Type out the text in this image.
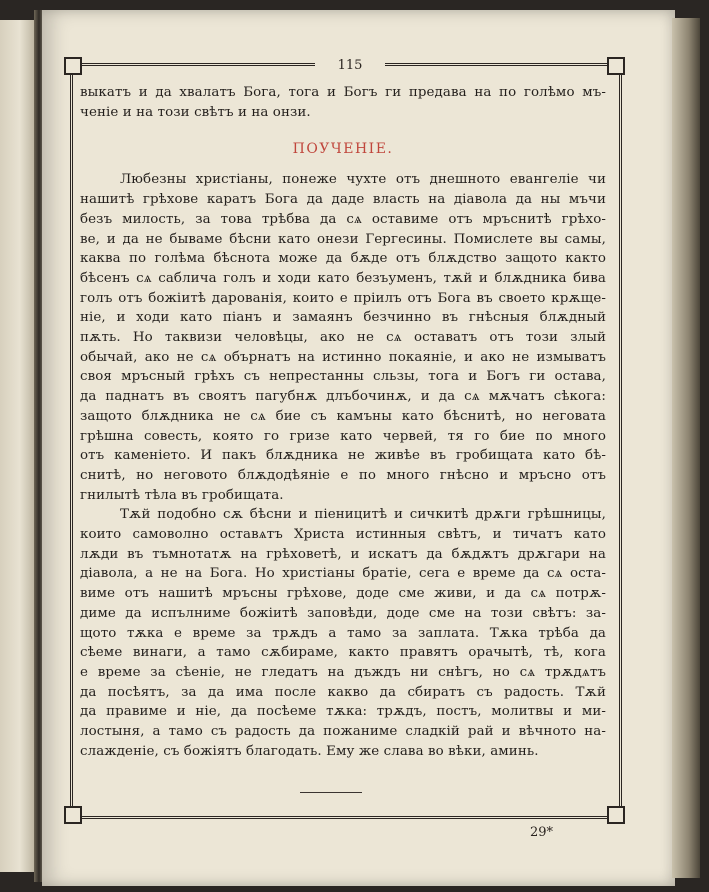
115

выкатъ и да хвалатъ Бога, тога и Богъ ги предава на по голѣмо мъ-

ченіе и на този свѣтъ и на онзи.

ПОУЧЕНІЕ.

Любезны христіаны, понеже чухте отъ днешното евангеліе чи

нашитѣ грѣхове каратъ Бога да даде власть на діавола да ны мъчи

безъ милость, за това трѣбва да сѧ оставиме отъ мръснитѣ грѣхо-

ве, и да не бываме бѣсни като онези Гергесины. Помислете вы самы,

каква по голѣма бѣснота може да бѫде отъ блѫдство защото както

бѣсенъ сѧ саблича голъ и ходи като безъуменъ, тѫй и блѫдника бива

голъ отъ божіитѣ дарованія, които е пріилъ отъ Бога въ своето крѫще-

ніе, и ходи като піанъ и замаянъ безчинно въ гнѣсныя блѫдный

пѫть. Но таквизи человѣцы, ако не сѧ оставатъ отъ този злый

обычай, ако не сѧ обърнатъ на истинно покаяніе, и ако не измыватъ

своя мръсный грѣхъ съ непрестанны сльзы, тога и Богъ ги остава,

да паднатъ въ своятъ пагубнѫ длъбочинѫ, и да сѧ мѫчатъ сѣкога:

защото блѫдника не сѧ бие съ камъны като бѣснитѣ, но неговата

грѣшна совесть, която го гризе като червей, тя го бие по много

отъ каменіето. И пакъ блѫдника не живѣе въ гробищата като бѣ-

снитѣ, но неговото блѫдодѣяніе е по много гнѣсно и мръсно отъ

гнилытѣ тѣла въ гробищата.

Тѫй подобно сѫ бѣсни и піеницитѣ и сичкитѣ дрѫги грѣшницы,

които самоволно оставѧтъ Христа истинныя свѣтъ, и тичатъ като

лѫди въ тъмнотатѫ на грѣховетѣ, и искатъ да бѫдѫтъ дрѫгари на

діавола, а не на Бога. Но христіаны братіе, сега е време да сѧ оста-

виме отъ нашитѣ мръсны грѣхове, доде сме живи, и да сѧ потрѫ-

диме да испълниме божіитѣ заповѣди, доде сме на този свѣтъ: за-

щото тѫка е време за трѫдъ а тамо за заплата. Тѫка трѣба да

сѣеме винаги, а тамо сѫбираме, както правятъ орачытѣ, тѣ, кога

е време за сѣеніе, не гледатъ на дъждъ ни снѣгъ, но сѧ трѫдѧтъ

да посѣятъ, за да има после какво да сбиратъ съ радость. Тѫй

да правиме и ніе, да посѣеме тѫка: трѫдъ, постъ, молитвы и ми-

лостыня, а тамо съ радость да пожаниме сладкій рай и вѣчното на-

слажденіе, съ божіятъ благодать. Ему же слава во вѣки, аминь.

29*
